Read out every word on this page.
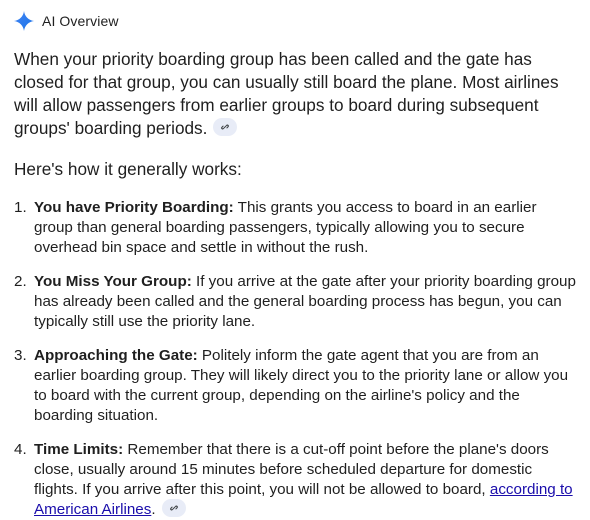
AI Overview

When your priority boarding group has been called and the gate has closed for that group, you can usually still board the plane. Most airlines will allow passengers from earlier groups to board during subsequent groups' boarding periods.

Here's how it generally works:

1. You have Priority Boarding: This grants you access to board in an earlier group than general boarding passengers, typically allowing you to secure overhead bin space and settle in without the rush.
2. You Miss Your Group: If you arrive at the gate after your priority boarding group has already been called and the general boarding process has begun, you can typically still use the priority lane.
3. Approaching the Gate: Politely inform the gate agent that you are from an earlier boarding group. They will likely direct you to the priority lane or allow you to board with the current group, depending on the airline's policy and the boarding situation.
4. Time Limits: Remember that there is a cut-off point before the plane's doors close, usually around 15 minutes before scheduled departure for domestic flights. If you arrive after this point, you will not be allowed to board, according to American Airlines.
